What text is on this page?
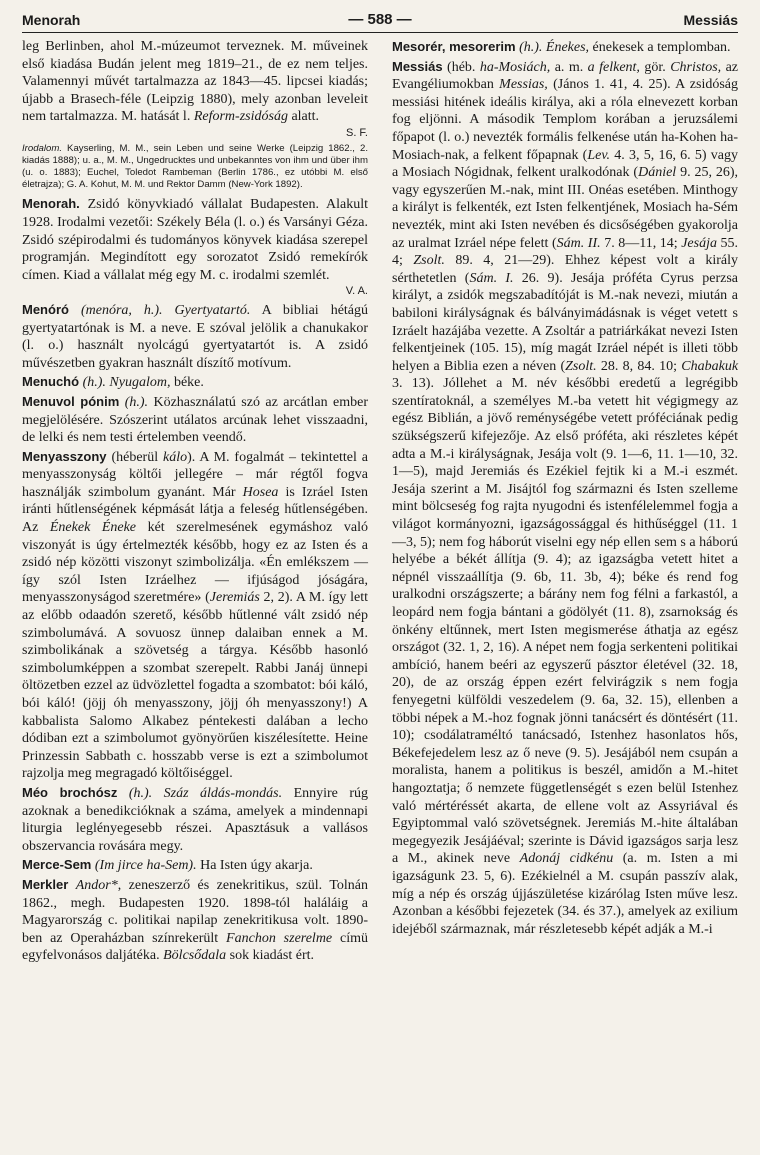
Menorah	— 588 —	Messiás

leg Berlinben, ahol M.-múzeumot terveznek. M. műveinek első kiadása Budán jelent meg 1819–21., de ez nem teljes. Valamennyi művét tartalmazza az 1843—45. lipcsei kiadás; újabb a Brasech-féle (Leipzig 1880), mely azonban leveleit nem tartalmazza. M. hatását l. Reform-zsidóság alatt.

S. F.

Irodalom. Kayserling, M. M., sein Leben und seine Werke (Leipzig 1862., 2. kiadás 1888); u. a., M. M., Ungedrucktes und unbekanntes von ihm und über ihm (u. o. 1883); Euchel, Toledot Rambeman (Berlin 1786., ez utóbbi M. első életrajza); G. A. Kohut, M. M. und Rektor Damm (New-York 1892).

Menorah. Zsidó könyvkiadó vállalat Budapesten. Alakult 1928. Irodalmi vezetői: Székely Béla (l. o.) és Varsányi Géza. Zsidó szépirodalmi és tudományos könyvek kiadása szerepel programján. Megindított egy sorozatot Zsidó remekírók címen. Kiad a vállalat még egy M. c. irodalmi szemlét.

V. A.

Menóró (menóra, h.). Gyertyatartó. A bibliai hétágú gyertyatartónak is M. a neve. E szóval jelölik a chanukakor (l. o.) használt nyolcágú gyertyatartót is. A zsidó művészetben gyakran használt díszítő motívum.

Menuchó (h.). Nyugalom, béke.

Menuvol pónim (h.). Közhasználatú szó az arcátlan ember megjelölésére. Szószerint utálatos arcúnak lehet visszaadni, de lelki és nem testi értelemben veendő.

Menyasszony (héberül kálo). A M. fogalmát – tekintettel a menyasszonyság költői jellegére – már régtől fogva használják szimbolum gyanánt. Már Hosea is Izráel Isten iránti hűtlenségének képmását látja a feleség hűtlenségében. Az Énekek Éneke két szerelmesének egymáshoz való viszonyát is úgy értelmezték később, hogy ez az Isten és a zsidó nép közötti viszonyt szimbolizálja. «Én emlékszem — így szól Isten Izráelhez — ifjúságod jóságára, menyasszonyságod szeretmére» (Jeremiás 2, 2). A M. így lett az előbb odaadón szerető, később hűtlenné vált zsidó nép szimbolumává. A sovuosz ünnep dalaiban ennek a M. szimbolikának a szövetség a tárgya. Később hasonló szimbolumképpen a szombat szerepelt. Rabbi Janáj ünnepi öltözetben ezzel az üdvözlettel fogadta a szombatot: bói káló, bói káló! (jöjj óh menyasszony, jöjj óh menyasszony!) A kabbalista Salomo Alkabez péntekesti dalában a lecho dódiban ezt a szimbolumot gyönyörűen kiszélesítette. Heine Prinzessin Sabbath c. hosszabb verse is ezt a szimbolumot rajzolja meg megragadó költőiséggel.

Méo brochósz (h.). Száz áldás-mondás. Ennyire rúg azoknak a benedikcióknak a száma, amelyek a mindennapi liturgia leglényegesebb részei. Apasztásuk a vallásos obszervancia rovására megy.

Merce-Sem (Im jirce ha-Sem). Ha Isten úgy akarja.

Merkler Andor*, zeneszerző és zenekritikus, szül. Tolnán 1862., megh. Budapesten 1920. 1898-tól haláláig a Magyarország c. politikai napilap zenekritikusa volt. 1890-ben az Operaházban színrekerült Fanchon szerelme címü egyfelvonásos daljátéka. Bölcsődala sok kiadást ért.

Mesorér, mesorerim (h.). Énekes, énekesek a templomban.

Messiás (héb. ha-Mosiách, a. m. a felkent, gör. Christos, az Evangéliumokban Messias, (János 1. 41, 4. 25). A zsidóság messiási hitének ideális királya, aki a róla elnevezett korban fog eljönni. A második Templom korában a jeruzsálemi főpapot (l. o.) nevezték formális felkenése után ha-Kohen ha-Mosiach-nak, a felkent főpapnak (Lev. 4. 3, 5, 16, 6. 5) vagy a Mosiach Nógidnak, felkent uralkodónak (Dániel 9. 25, 26), vagy egyszerűen M.-nak, mint III. Onéas esetében. Minthogy a királyt is felkenték, ezt Isten felkentjének, Mosiach ha-Sém nevezték, mint aki Isten nevében és dicsőségében gyakorolja az uralmat Izráel népe felett (Sám. II. 7. 8—11, 14; Jesája 55. 4; Zsolt. 89. 4, 21—29). Ehhez képest volt a király sérthetetlen (Sám. I. 26. 9). Jesája próféta Cyrus perzsa királyt, a zsidók megszabadítóját is M.-nak nevezi, miután a babiloni királyságnak és bálványimádásnak is véget vetett s Izráelt hazájába vezette. A Zsoltár a patriárkákat nevezi Isten felkentjeinek (105. 15), míg magát Izráel népét is illeti több helyen a Biblia ezen a néven (Zsolt. 28. 8, 84. 10; Chabakuk 3. 13). Jóllehet a M. név későbbi eredetű a legrégibb szentíratoknál, a személyes M.-ba vetett hit végigmegy az egész Biblián, a jövő reménységébe vetett próféciának pedig szükségszerű kifejezője. Az első próféta, aki részletes képét adta a M.-i királyságnak, Jesája volt (9. 1—6, 11. 1—10, 32. 1—5), majd Jeremiás és Ezékiel fejtik ki a M.-i eszmét. Jesája szerint a M. Jisájtól fog származni és Isten szelleme mint bölcseség fog rajta nyugodni és istenfélelemmel fogja a világot kormányozni, igazságossággal és hithűséggel (11. 1—3, 5); nem fog háborút viselni egy nép ellen sem s a háború helyébe a békét állítja (9. 4); az igazságba vetett hitet a népnél visszaállítja (9. 6b, 11. 3b, 4); béke és rend fog uralkodni országszerte; a bárány nem fog félni a farkastól, a leopárd nem fogja bántani a gödölyét (11. 8), zsarnokság és önkény eltűnnek, mert Isten megismerése áthatja az egész országot (32. 1, 2, 16). A népet nem fogja serkenteni politikai ambíció, hanem beéri az egyszerű pásztor életével (32. 18, 20), de az ország éppen ezért felvirágzik s nem fogja fenyegetni külföldi veszedelem (9. 6a, 32. 15), ellenben a többi népek a M.-hoz fognak jönni tanácsért és döntésért (11. 10); csodálatraméltó tanácsadó, Istenhez hasonlatos hős, Békefejedelem lesz az ő neve (9. 5). Jesájából nem csupán a moralista, hanem a politikus is beszél, amidőn a M.-hitet hangoztatja; ő nemzete függetlenségét s ezen belül Istenhez való mértéréssét akarta, de ellene volt az Assyriával és Egyiptommal való szövetségnek. Jeremiás M.-hite általában megegyezik Jesájáéval; szerinte is Dávid igazságos sarja lesz a M., akinek neve Adonáj cidkénu (a. m. Isten a mi igazságunk 23. 5, 6). Ezékielnél a M. csupán passzív alak, míg a nép és ország újjászületése kizárólag Isten műve lesz. Azonban a későbbi fejezetek (34. és 37.), amelyek az exilium idejéből származnak, már részletesebb képét adják a M.-i
